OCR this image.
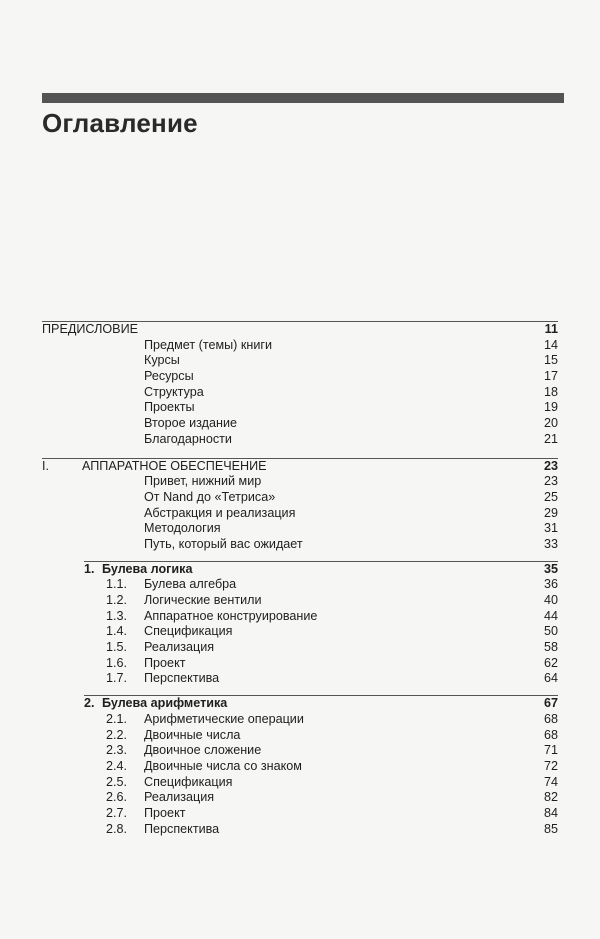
Оглавление
ПРЕДИСЛОВИЕ	11
Предмет (темы) книги	14
Курсы	15
Ресурсы	17
Структура	18
Проекты	19
Второе издание	20
Благодарности	21
I.	АППАРАТНОЕ ОБЕСПЕЧЕНИЕ	23
Привет, нижний мир	23
От Nand до «Тетриса»	25
Абстракция и реализация	29
Методология	31
Путь, который вас ожидает	33
1. Булева логика	35
1.1.	Булева алгебра	36
1.2.	Логические вентили	40
1.3.	Аппаратное конструирование	44
1.4.	Спецификация	50
1.5.	Реализация	58
1.6.	Проект	62
1.7.	Перспектива	64
2. Булева арифметика	67
2.1.	Арифметические операции	68
2.2.	Двоичные числа	68
2.3.	Двоичное сложение	71
2.4.	Двоичные числа со знаком	72
2.5.	Спецификация	74
2.6.	Реализация	82
2.7.	Проект	84
2.8.	Перспектива	85
